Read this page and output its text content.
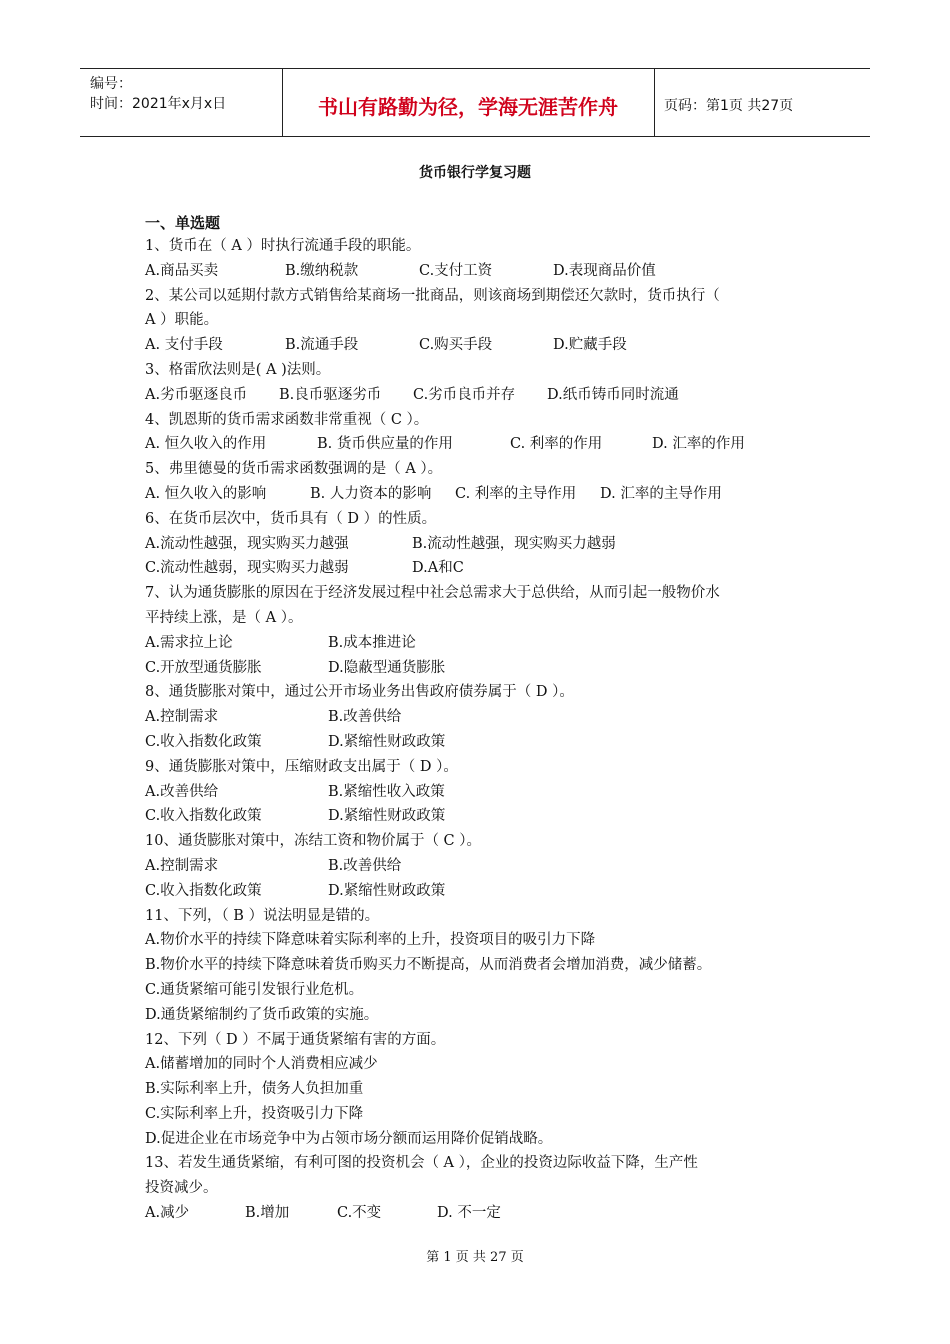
编号：
时间：2021年x月x日	书山有路勤为径，学海无涯苦作舟	页码：第1页 共27页
货币银行学复习题
一、单选题
1、货币在（ A ）时执行流通手段的职能。
A.商品买卖	B.缴纳税款	C.支付工资	D.表现商品价值
2、某公司以延期付款方式销售给某商场一批商品，则该商场到期偿还欠款时，货币执行（
A ）职能。
A. 支付手段	B.流通手段	C.购买手段	D.贮藏手段
3、格雷欣法则是( A )法则。
A.劣币驱逐良币 B.良币驱逐劣币 C.劣币良币并存 D.纸币铸币同时流通
4、凯恩斯的货币需求函数非常重视（ C ）。
A. 恒久收入的作用	B. 货币供应量的作用	C. 利率的作用	D. 汇率的作用
5、弗里德曼的货币需求函数强调的是（ A ）。
A. 恒久收入的影响	B. 人力资本的影响 C. 利率的主导作用 D. 汇率的主导作用
6、在货币层次中，货币具有（ D ）的性质。
A.流动性越强，现实购买力越强	B.流动性越强，现实购买力越弱
C.流动性越弱，现实购买力越弱	D.A和C
7、认为通货膨胀的原因在于经济发展过程中社会总需求大于总供给，从而引起一般物价水
平持续上涨，是（ A ）。
A.需求拉上论	B.成本推进论
C.开放型通货膨胀	D.隐蔽型通货膨胀
8、通货膨胀对策中，通过公开市场业务出售政府债券属于（ D ）。
A.控制需求	B.改善供给
C.收入指数化政策	D.紧缩性财政政策
9、通货膨胀对策中，压缩财政支出属于（ D ）。
A.改善供给	B.紧缩性收入政策
C.收入指数化政策	D.紧缩性财政政策
10、通货膨胀对策中，冻结工资和物价属于（ C ）。
A.控制需求	B.改善供给
C.收入指数化政策	D.紧缩性财政政策
11、下列，（ B ）说法明显是错的。
A.物价水平的持续下降意味着实际利率的上升，投资项目的吸引力下降
B.物价水平的持续下降意味着货币购买力不断提高，从而消费者会增加消费，减少储蓄。
C.通货紧缩可能引发银行业危机。
D.通货紧缩制约了货币政策的实施。
12、下列（ D ）不属于通货紧缩有害的方面。
A.储蓄增加的同时个人消费相应减少
B.实际利率上升，债务人负担加重
C.实际利率上升，投资吸引力下降
D.促进企业在市场竞争中为占领市场分额而运用降价促销战略。
13、若发生通货紧缩，有利可图的投资机会（ A ），企业的投资边际收益下降，生产性
投资减少。
A.减少	B.增加	C.不变	D. 不一定
第 1 页 共 27 页
